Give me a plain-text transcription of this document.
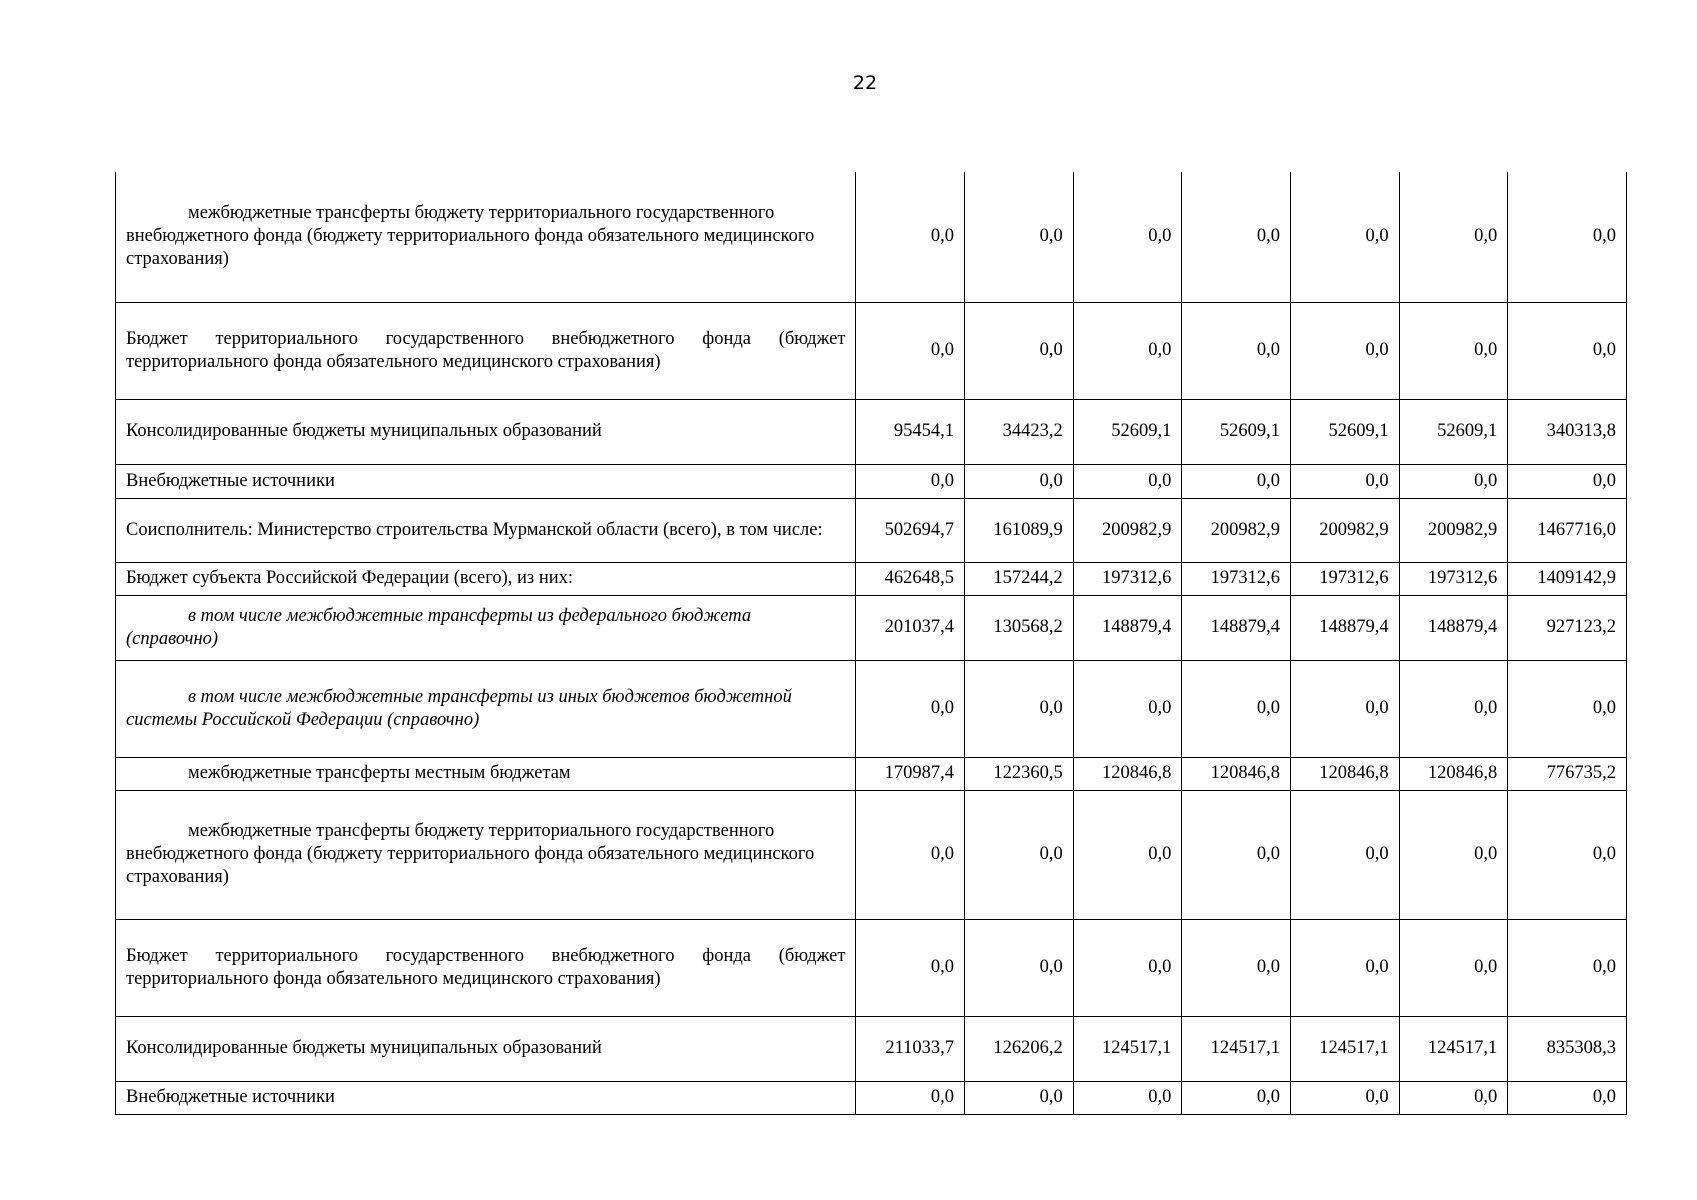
22
межбюджетные трансферты бюджету территориального государственного внебюджетного фонда (бюджету территориального фонда обязательного медицинского страхования)	0,0	0,0	0,0	0,0	0,0	0,0	0,0
Бюджет территориального государственного внебюджетного фонда (бюджет территориального фонда обязательного медицинского страхования)	0,0	0,0	0,0	0,0	0,0	0,0	0,0
Консолидированные бюджеты муниципальных образований	95454,1	34423,2	52609,1	52609,1	52609,1	52609,1	340313,8
Внебюджетные источники	0,0	0,0	0,0	0,0	0,0	0,0	0,0
Соисполнитель: Министерство строительства Мурманской области (всего), в том числе:	502694,7	161089,9	200982,9	200982,9	200982,9	200982,9	1467716,0
Бюджет субъекта Российской Федерации (всего), из них:	462648,5	157244,2	197312,6	197312,6	197312,6	197312,6	1409142,9
в том числе межбюджетные трансферты из федерального бюджета (справочно)	201037,4	130568,2	148879,4	148879,4	148879,4	148879,4	927123,2
в том числе межбюджетные трансферты из иных бюджетов бюджетной системы Российской Федерации (справочно)	0,0	0,0	0,0	0,0	0,0	0,0	0,0
межбюджетные трансферты местным бюджетам	170987,4	122360,5	120846,8	120846,8	120846,8	120846,8	776735,2
межбюджетные трансферты бюджету территориального государственного внебюджетного фонда (бюджету территориального фонда обязательного медицинского страхования)	0,0	0,0	0,0	0,0	0,0	0,0	0,0
Бюджет территориального государственного внебюджетного фонда (бюджет территориального фонда обязательного медицинского страхования)	0,0	0,0	0,0	0,0	0,0	0,0	0,0
Консолидированные бюджеты муниципальных образований	211033,7	126206,2	124517,1	124517,1	124517,1	124517,1	835308,3
Внебюджетные источники	0,0	0,0	0,0	0,0	0,0	0,0	0,0
